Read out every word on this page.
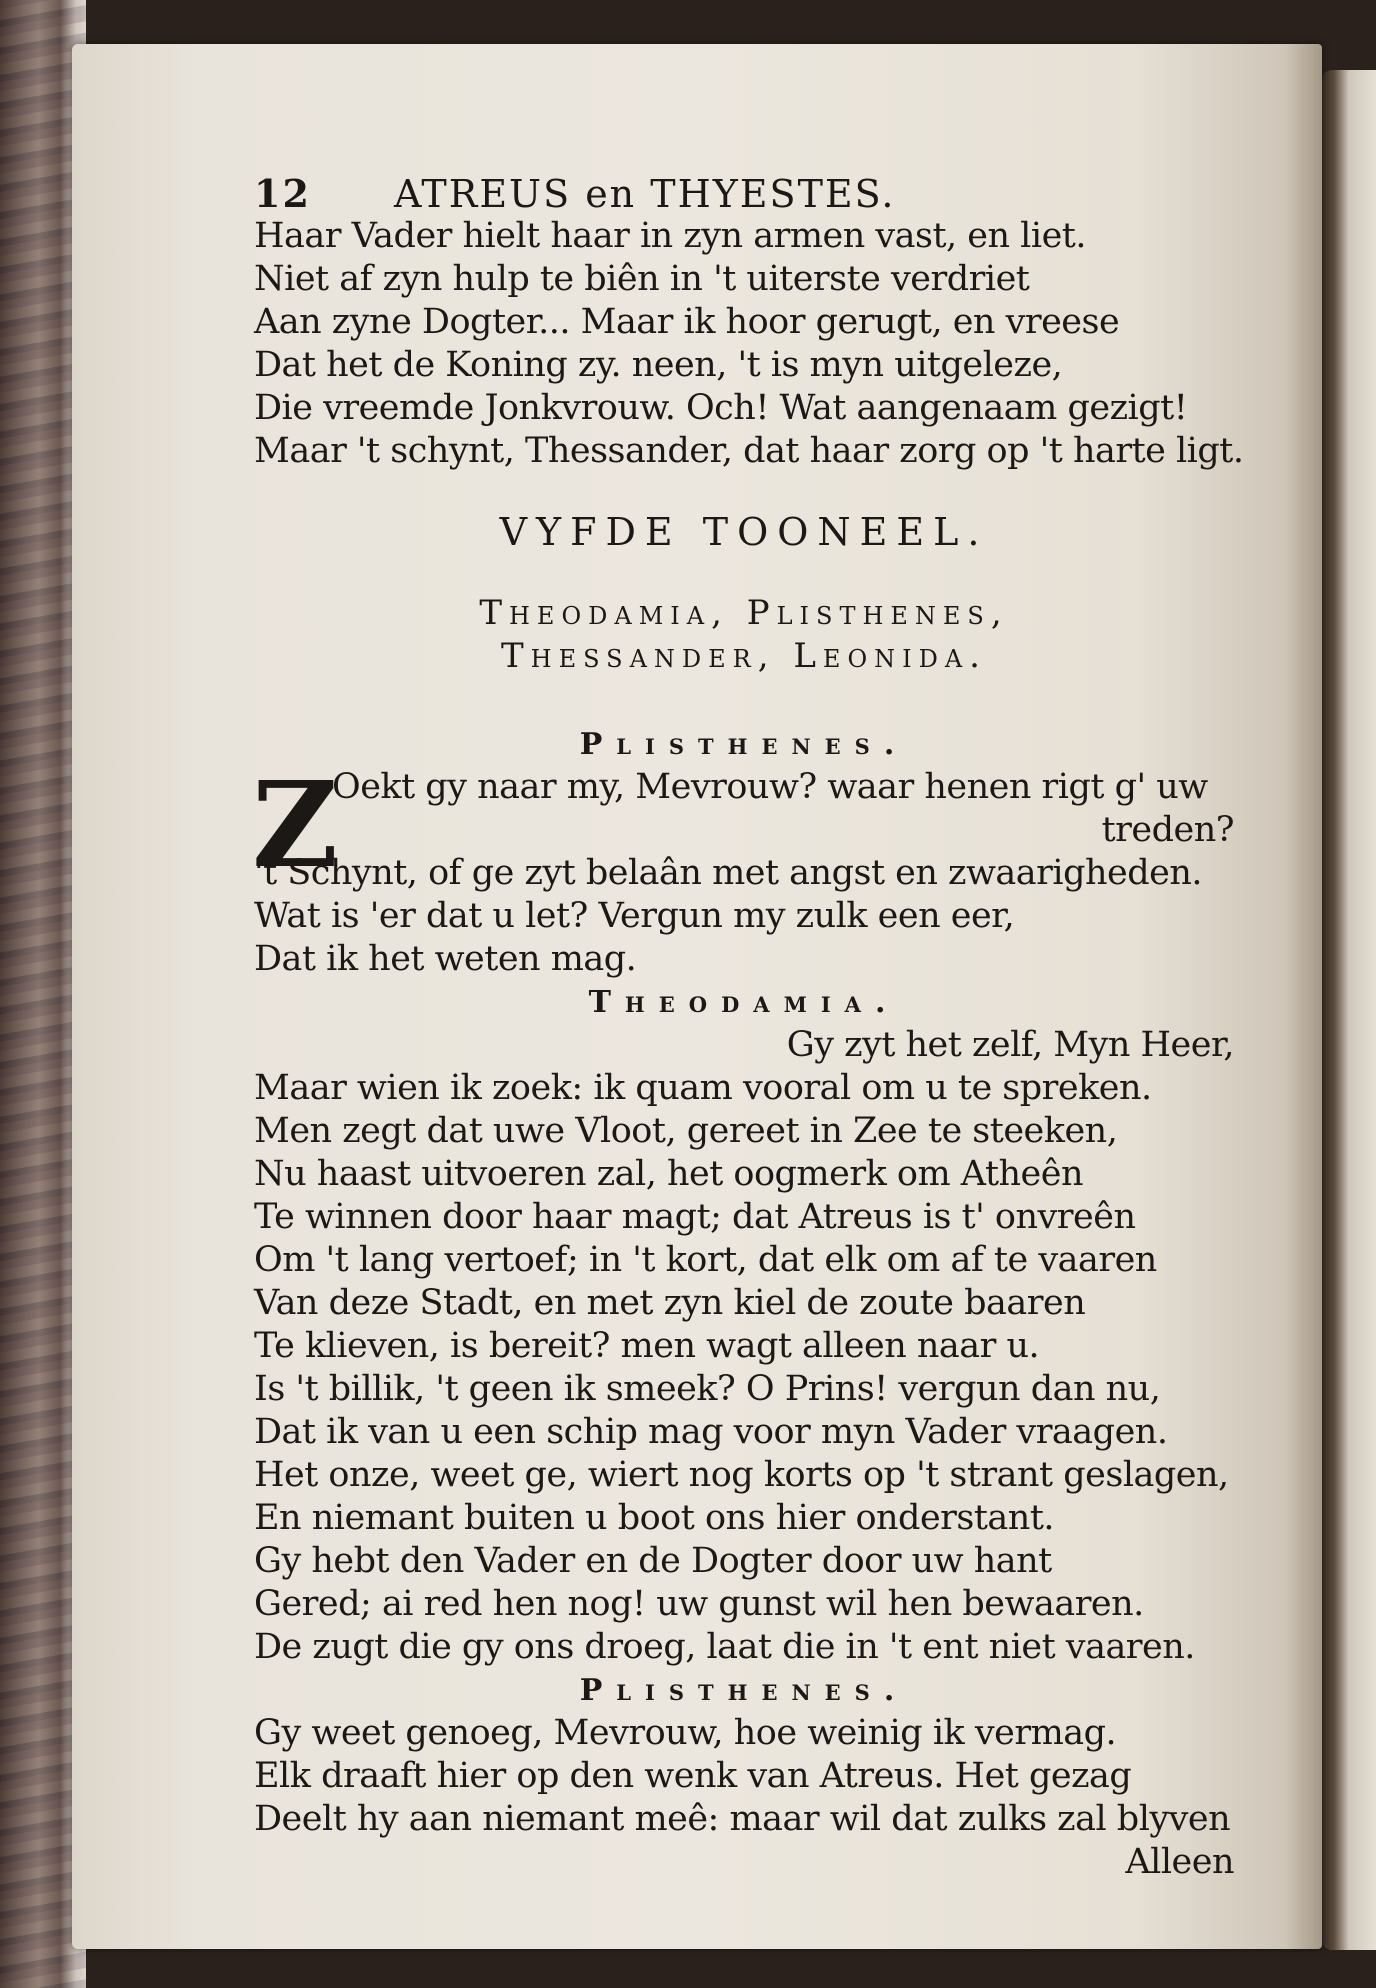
12 ATREUS en THYESTES.
Haar Vader hielt haar in zyn armen vast, en liet.
Niet af zyn hulp te biên in 't uiterste verdriet
Aan zyne Dogter... Maar ik hoor gerugt, en vreese
Dat het de Koning zy. neen, 't is myn uitgeleze,
Die vreemde Jonkvrouw. Och! Wat aangenaam gezigt!
Maar 't schynt, Thessander, dat haar zorg op 't harte ligt.
VYFDE TOONEEL.
Theodamia, Plisthenes,
Thessander, Leonida.
Plisthenes.
Z
Oekt gy naar my, Mevrouw? waar henen rigt g' uw
treden?
't Schynt, of ge zyt belaân met angst en zwaarigheden.
Wat is 'er dat u let? Vergun my zulk een eer,
Dat ik het weten mag.
Theodamia.
Gy zyt het zelf, Myn Heer,
Maar wien ik zoek: ik quam vooral om u te spreken.
Men zegt dat uwe Vloot, gereet in Zee te steeken,
Nu haast uitvoeren zal, het oogmerk om Atheên
Te winnen door haar magt; dat Atreus is t' onvreên
Om 't lang vertoef; in 't kort, dat elk om af te vaaren
Van deze Stadt, en met zyn kiel de zoute baaren
Te klieven, is bereit? men wagt alleen naar u.
Is 't billik, 't geen ik smeek? O Prins! vergun dan nu,
Dat ik van u een schip mag voor myn Vader vraagen.
Het onze, weet ge, wiert nog korts op 't strant geslagen,
En niemant buiten u boot ons hier onderstant.
Gy hebt den Vader en de Dogter door uw hant
Gered; ai red hen nog! uw gunst wil hen bewaaren.
De zugt die gy ons droeg, laat die in 't ent niet vaaren.
Plisthenes.
Gy weet genoeg, Mevrouw, hoe weinig ik vermag.
Elk draaft hier op den wenk van Atreus. Het gezag
Deelt hy aan niemant meê: maar wil dat zulks zal blyven
Alleen
